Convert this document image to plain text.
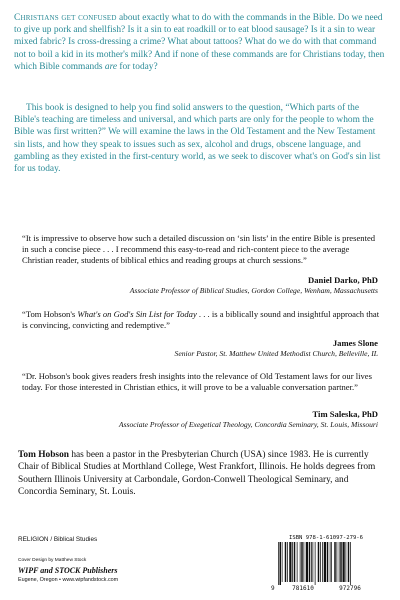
Christians get confused about exactly what to do with the commands in the Bible. Do we need to give up pork and shellfish? Is it a sin to eat roadkill or to eat blood sausage? Is it a sin to wear mixed fabric? Is cross-dressing a crime? What about tattoos? What do we do with that command not to boil a kid in its mother's milk? And if none of these commands are for Christians today, then which Bible commands are for today?

This book is designed to help you find solid answers to the question, “Which parts of the Bible's teaching are timeless and universal, and which parts are only for the people to whom the Bible was first written?” We will examine the laws in the Old Testament and the New Testament sin lists, and how they speak to issues such as sex, alcohol and drugs, obscene language, and gambling as they existed in the first-century world, as we seek to discover what's on God's sin list for us today.

“It is impressive to observe how such a detailed discussion on ‘sin lists’ in the entire Bible is presented in such a concise piece . . . I recommend this easy-to-read and rich-content piece to the average Christian reader, students of biblical ethics and reading groups at church sessions.”

Daniel Darko, PhD
Associate Professor of Biblical Studies, Gordon College, Wenham, Massachusetts

“Tom Hobson's What's on God's Sin List for Today . . . is a biblically sound and insightful approach that is convincing, convicting and redemptive.”

James Slone
Senior Pastor, St. Matthew United Methodist Church, Belleville, IL

“Dr. Hobson's book gives readers fresh insights into the relevance of Old Testament laws for our lives today. For those interested in Christian ethics, it will prove to be a valuable conversation partner.”

Tim Saleska, PhD
Associate Professor of Exegetical Theology, Concordia Seminary, St. Louis, Missouri

Tom Hobson has been a pastor in the Presbyterian Church (USA) since 1983. He is currently Chair of Biblical Studies at Morthland College, West Frankfort, Illinois. He holds degrees from Southern Illinois University at Carbondale, Gordon-Conwell Theological Seminary, and Concordia Seminary, St. Louis.

RELIGION / Biblical Studies
Cover Design by Matthew Stock
WIPF and STOCK Publishers
Eugene, Oregon • www.wipfandstock.com
ISBN 978-1-61097-279-6
9	781610	972796
